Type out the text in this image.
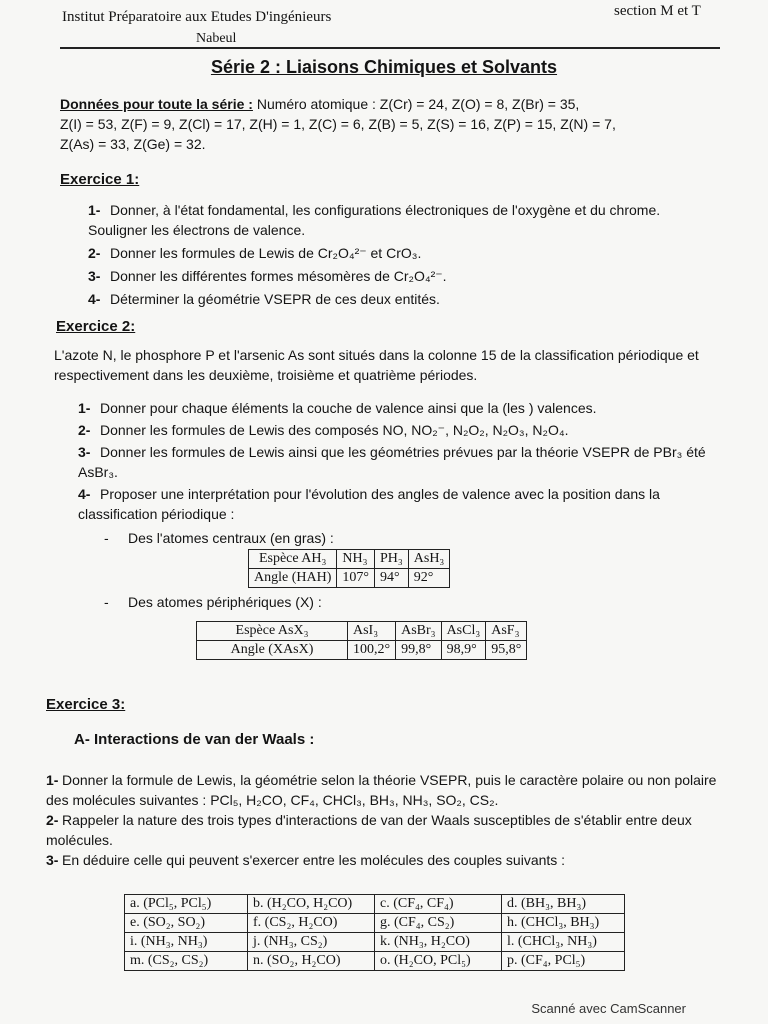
Institut Préparatoire aux Etudes D'ingénieurs
Nabeul
section M et T
Série 2 : Liaisons Chimiques et Solvants
Données pour toute la série : Numéro atomique : Z(Cr) = 24, Z(O) = 8, Z(Br) = 35,
Z(I) = 53, Z(F) = 9, Z(Cl) = 17, Z(H) = 1, Z(C) = 6, Z(B) = 5, Z(S) = 16, Z(P) = 15, Z(N) = 7,
Z(As) = 33, Z(Ge) = 32.
Exercice 1:
1- Donner, à l'état fondamental, les configurations électroniques de l'oxygène et du chrome. Souligner les électrons de valence.
2- Donner les formules de Lewis de Cr₂O₄²⁻ et CrO₃.
3- Donner les différentes formes mésomères de Cr₂O₄²⁻.
4- Déterminer la géométrie VSEPR de ces deux entités.
Exercice 2:
L'azote N, le phosphore P et l'arsenic As sont situés dans la colonne 15 de la classification périodique et respectivement dans les deuxième, troisième et quatrième périodes.
1- Donner pour chaque éléments la couche de valence ainsi que la (les ) valences.
2- Donner les formules de Lewis des composés NO, NO₂⁻, N₂O₂, N₂O₃, N₂O₄.
3- Donner les formules de Lewis ainsi que les géométries prévues par la théorie VSEPR de PBr₃ été AsBr₃.
4- Proposer une interprétation pour l'évolution des angles de valence avec la position dans la classification périodique :
- Des l'atomes centraux (en gras) :
Espèce AH₃	NH₃	PH₃	AsH₃
Angle (HAH)	107°	94°	92°
- Des atomes périphériques (X) :
Espèce AsX₃	AsI₃	AsBr₃	AsCl₃	AsF₃
Angle (XAsX)	100,2°	99,8°	98,9°	95,8°
Exercice 3:
A- Interactions de van der Waals :
1- Donner la formule de Lewis, la géométrie selon la théorie VSEPR, puis le caractère polaire ou non polaire des molécules suivantes : PCl₅, H₂CO, CF₄, CHCl₃, BH₃, NH₃, SO₂, CS₂.
2- Rappeler la nature des trois types d'interactions de van der Waals susceptibles de s'établir entre deux molécules.
3- En déduire celle qui peuvent s'exercer entre les molécules des couples suivants :
a. (PCl₅, PCl₅)	b. (H₂CO, H₂CO)	c. (CF₄, CF₄)	d. (BH₃, BH₃)
e. (SO₂, SO₂)	f. (CS₂, H₂CO)	g. (CF₄, CS₂)	h. (CHCl₃, BH₃)
i. (NH₃, NH₃)	j. (NH₃, CS₂)	k. (NH₃, H₂CO)	l. (CHCl₃, NH₃)
m. (CS₂, CS₂)	n. (SO₂, H₂CO)	o. (H₂CO, PCl₅)	p. (CF₄, PCl₅)
Scanné avec CamScanner
